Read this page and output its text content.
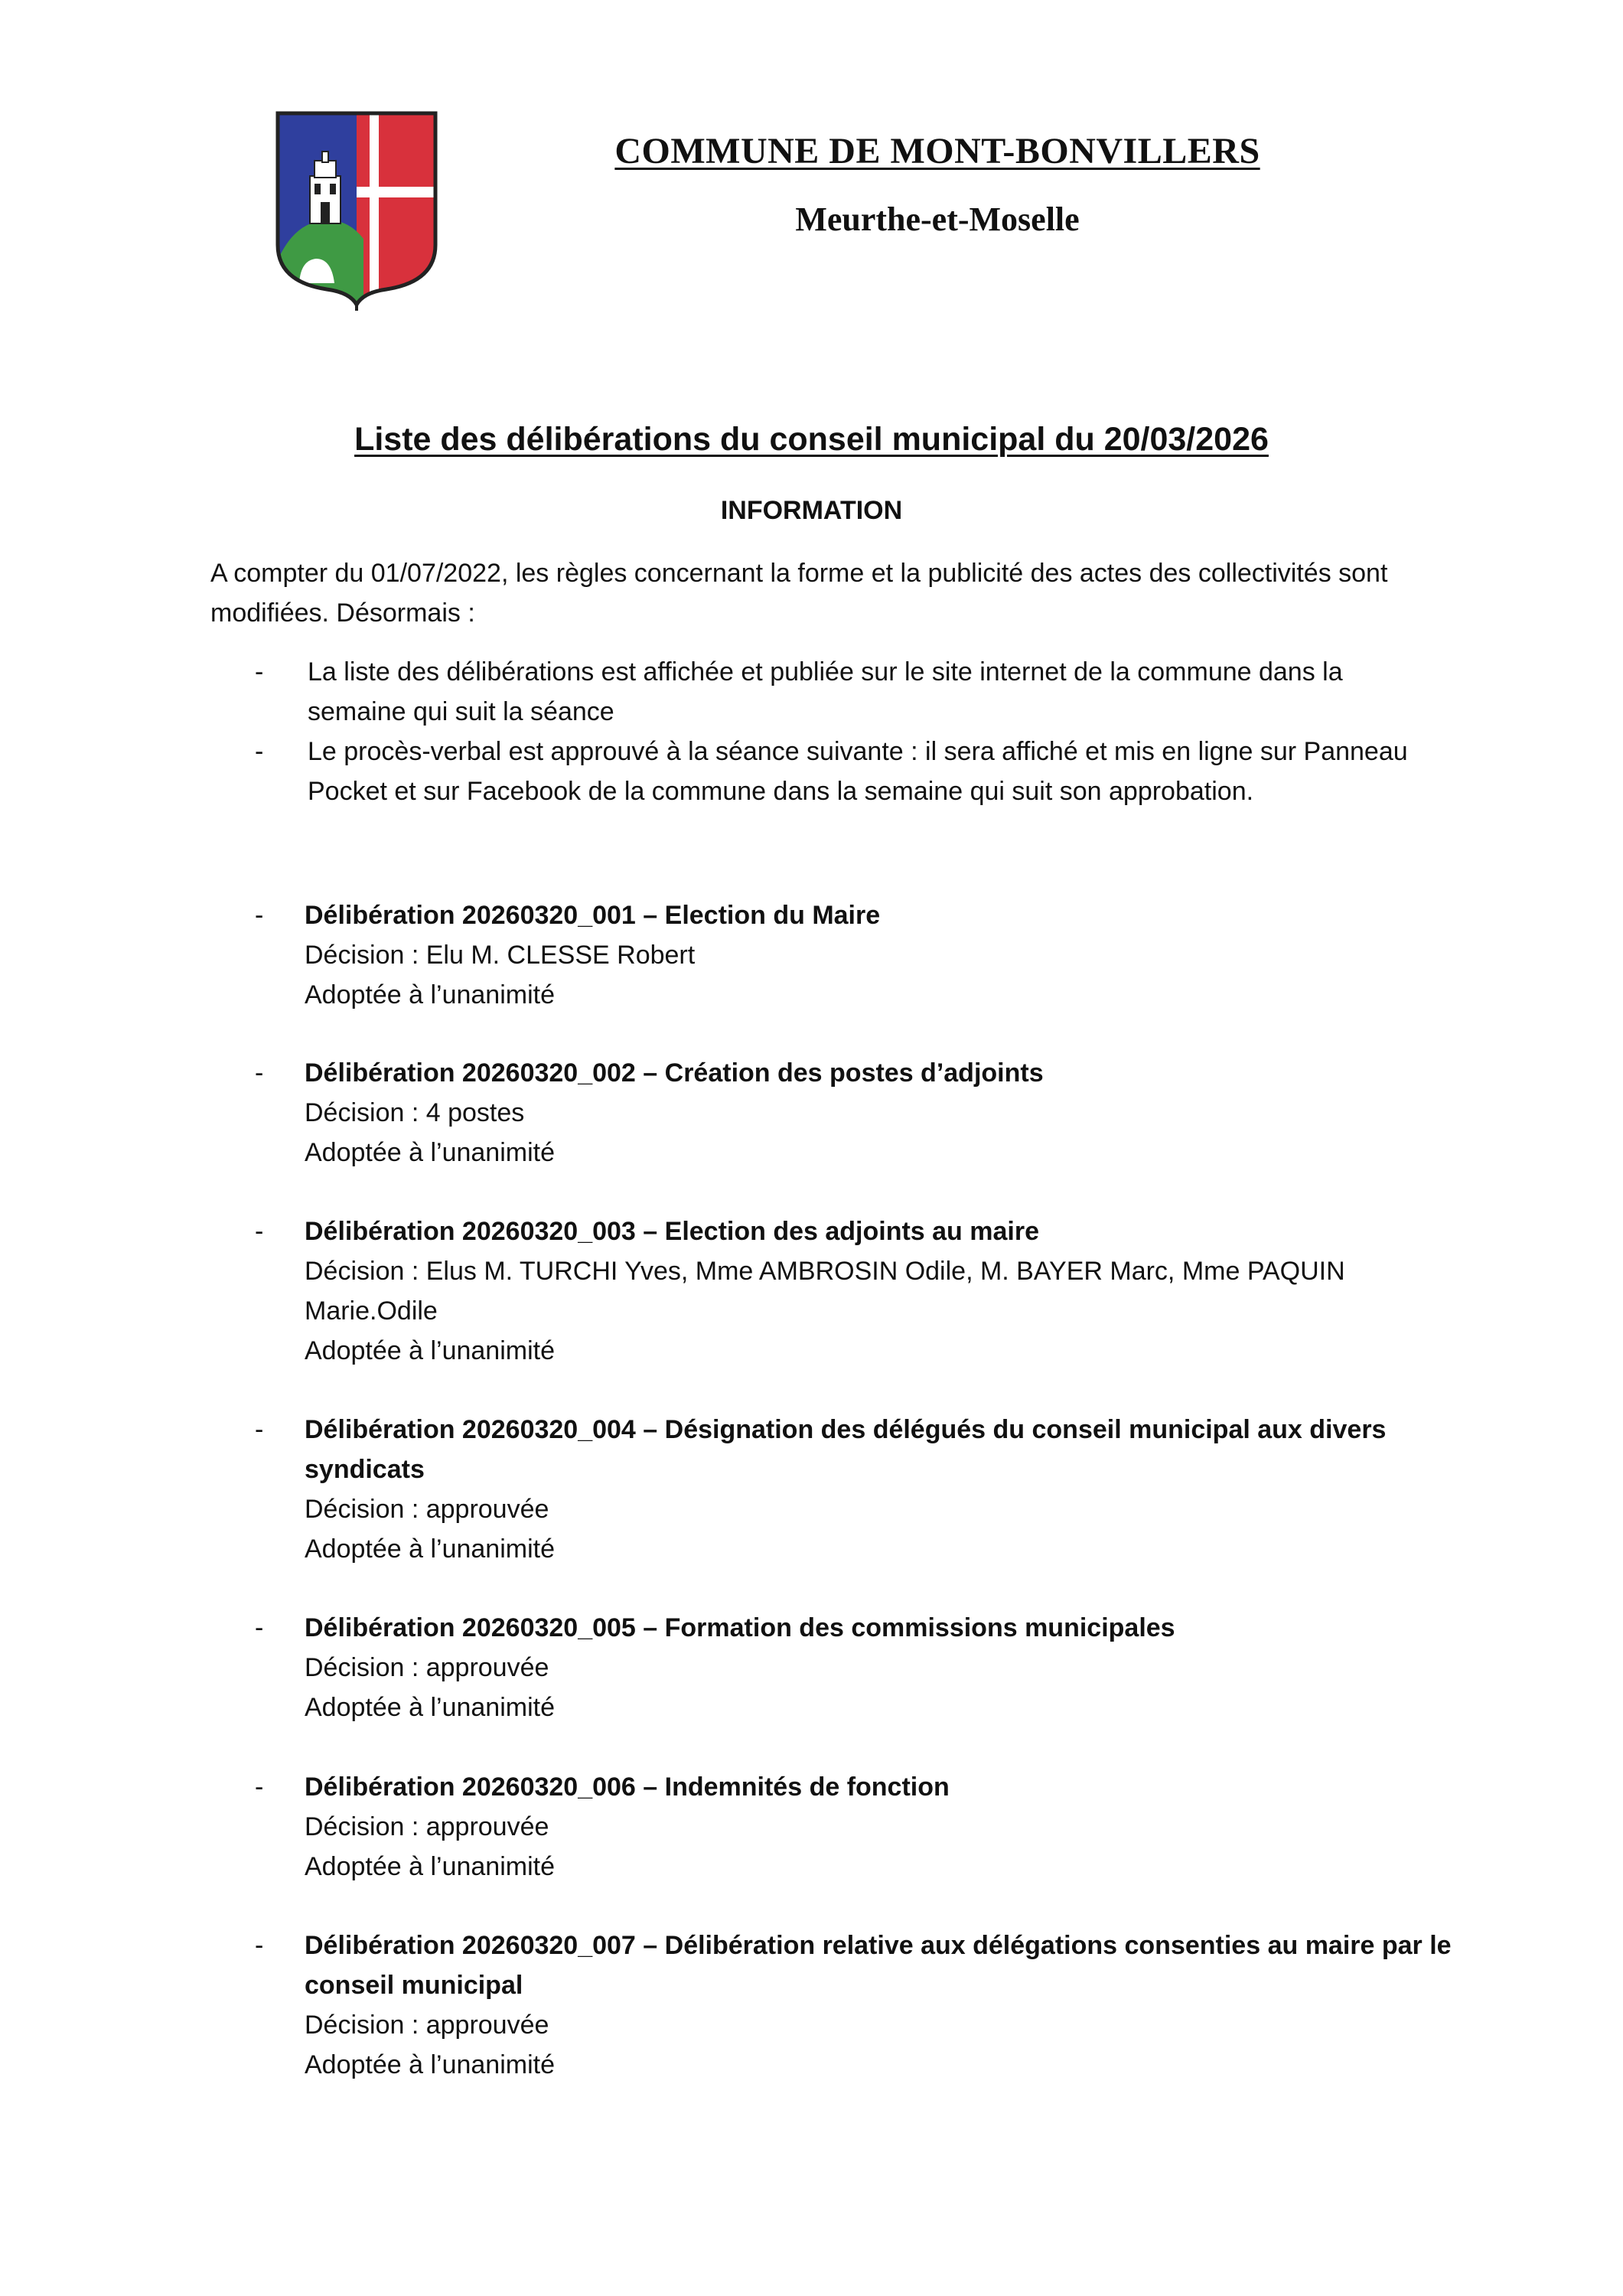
COMMUNE DE MONT-BONVILLERS

Meurthe-et-Moselle

Liste des délibérations du conseil municipal du 20/03/2026
INFORMATION

A compter du 01/07/2022, les règles concernant la forme et la publicité des actes des collectivités sont modifiées. Désormais :

- La liste des délibérations est affichée et publiée sur le site internet de la commune dans la semaine qui suit la séance
- Le procès-verbal est approuvé à la séance suivante : il sera affiché et mis en ligne sur Panneau Pocket et sur Facebook de la commune dans la semaine qui suit son approbation.
- Délibération 20260320_001 – Election du Maire
Décision : Elu M. CLESSE Robert
Adoptée à l’unanimité
- Délibération 20260320_002 – Création des postes d’adjoints
Décision : 4 postes
Adoptée à l’unanimité
- Délibération 20260320_003 – Election des adjoints au maire
Décision : Elus M. TURCHI Yves, Mme AMBROSIN Odile, M. BAYER Marc, Mme PAQUIN Marie.Odile
Adoptée à l’unanimité
- Délibération 20260320_004 – Désignation des délégués du conseil municipal aux divers syndicats
Décision : approuvée
Adoptée à l’unanimité
- Délibération 20260320_005 – Formation des commissions municipales
Décision : approuvée
Adoptée à l’unanimité
- Délibération 20260320_006 – Indemnités de fonction
Décision : approuvée
Adoptée à l’unanimité
- Délibération 20260320_007 – Délibération relative aux délégations consenties au maire par le conseil municipal
Décision : approuvée
Adoptée à l’unanimité
